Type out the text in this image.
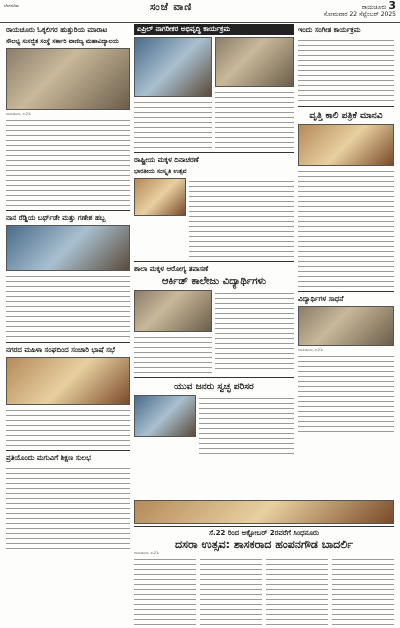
ಬೆಂಗಳೂರು	ಸಂಜೆ ವಾಣಿ	ರಾಯಚೂರು 3
ಸೋಮವಾರ 22 ಸೆಪ್ಟೆಂಬರ್ 2025
ರಾಯಚೂರು ಓಕ್ಕಲಿಗರ ಹುತ್ತುರಿಯ ಮಾರಾಟ
ಸೌಲಭ್ಯ ಸುಸಜ್ಜಿತ ಸಂಸ್ಥೆ ಸರ್ಕಾರಿ ವಾಣಿಜ್ಯ ಮಹಾವಿದ್ಯಾಲಯ
ರಾಯಚೂರು, ಸೆ.21:
ನಾನ ರೆಡ್ಡಿಯ ಬರ್ಥ್‌ಡೇ ಮತ್ತು ಗಣೇಶ ಹಬ್ಬ
ನಗರದ ಮಹಿಳಾ ಸಂಘದಿಂದ ಸಂಚಾರಿ ಭಾಷೆ ಸಭೆ
ಪ್ರತಿಯೊಂದು ಮಗುವಿಗೆ ಶಿಕ್ಷಣ ಸುಲಭ
ಏಪ್ರಿಲ್ ನಾಗರೀಕರ ಅಭಿವೃದ್ಧಿ ಕಾರ್ಯಕ್ರಮ
ರಾಷ್ಟ್ರೀಯ ಮಕ್ಕಳ ದಿನಾಚರಣೆ
ಭಾರತೀಯ ಸಂಸ್ಕೃತಿ ಉತ್ಸವ
ಶಾಲಾ ಮಕ್ಕಳ ಆರೋಗ್ಯ ತಪಾಸಣೆ
ಆರ್ಕಿಡ್ ಕಾಲೇಜು ವಿದ್ಯಾರ್ಥಿಗಳು
ಯುವ ಜನರು ಸ್ವಚ್ಛ ಪರಿಸರ
ಇಂದು ಸಂಗೀತ ಕಾರ್ಯಕ್ರಮ
ವೃತ್ತಿ ಕಾಲಿ ಪತ್ರಿಕೆ ಮಾನವಿ
ವಿದ್ಯಾರ್ಥಿಗಳ ಸಾಧನೆ
ರಾಯಚೂರು, ಸೆ.21:
ಸೆ.22 ರಿಂದ ಅಕ್ಟೋಬರ್ 2ರವರೆಗೆ ಸಿಂಧನೂರು
ದಸರಾ ಉತ್ಸವ: ಶಾಸಕರಾದ ಹಂಪನಗೌಡ ಬಾದರ್ಲಿ
ರಾಯಚೂರು, ಸೆ.21:
